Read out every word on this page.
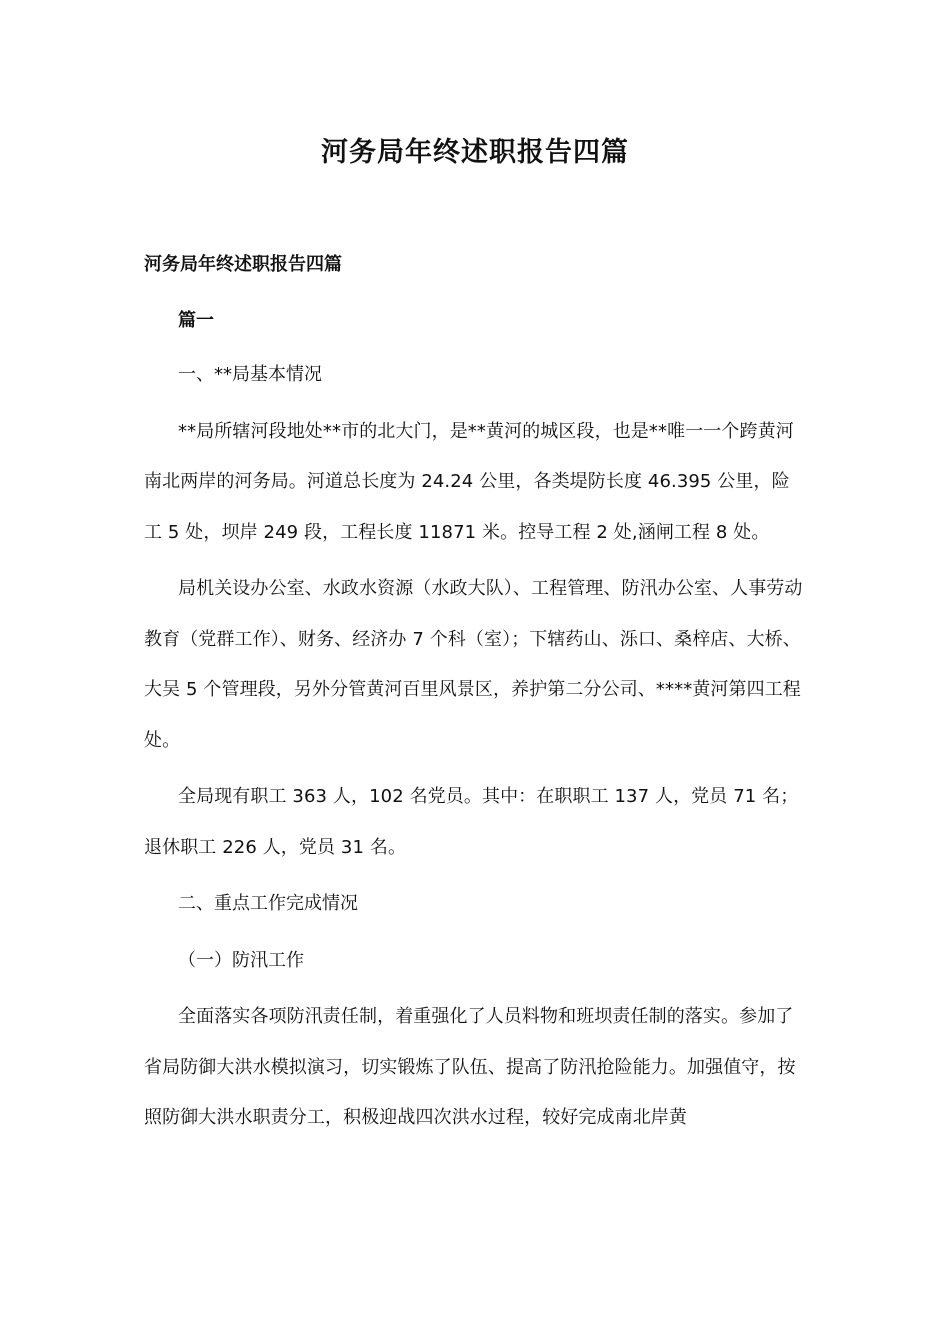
河务局年终述职报告四篇
河务局年终述职报告四篇
篇一

一、**局基本情况

**局所辖河段地处**市的北大门，是**黄河的城区段，也是**唯一一个跨黄河南北两岸的河务局。河道总长度为 24.24 公里，各类堤防长度 46.395 公里，险工 5 处，坝岸 249 段，工程长度 11871 米。控导工程 2 处,涵闸工程 8 处。

局机关设办公室、水政水资源（水政大队）、工程管理、防汛办公室、人事劳动教育（党群工作）、财务、经济办 7 个科（室）；下辖药山、泺口、桑梓店、大桥、大吴 5 个管理段，另外分管黄河百里风景区，养护第二分公司、****黄河第四工程处。

全局现有职工 363 人，102 名党员。其中：在职职工 137 人，党员 71 名；退休职工 226 人，党员 31 名。

二、重点工作完成情况

（一）防汛工作

全面落实各项防汛责任制，着重强化了人员料物和班坝责任制的落实。参加了省局防御大洪水模拟演习，切实锻炼了队伍、提高了防汛抢险能力。加强值守，按照防御大洪水职责分工，积极迎战四次洪水过程，较好完成南北岸黄
